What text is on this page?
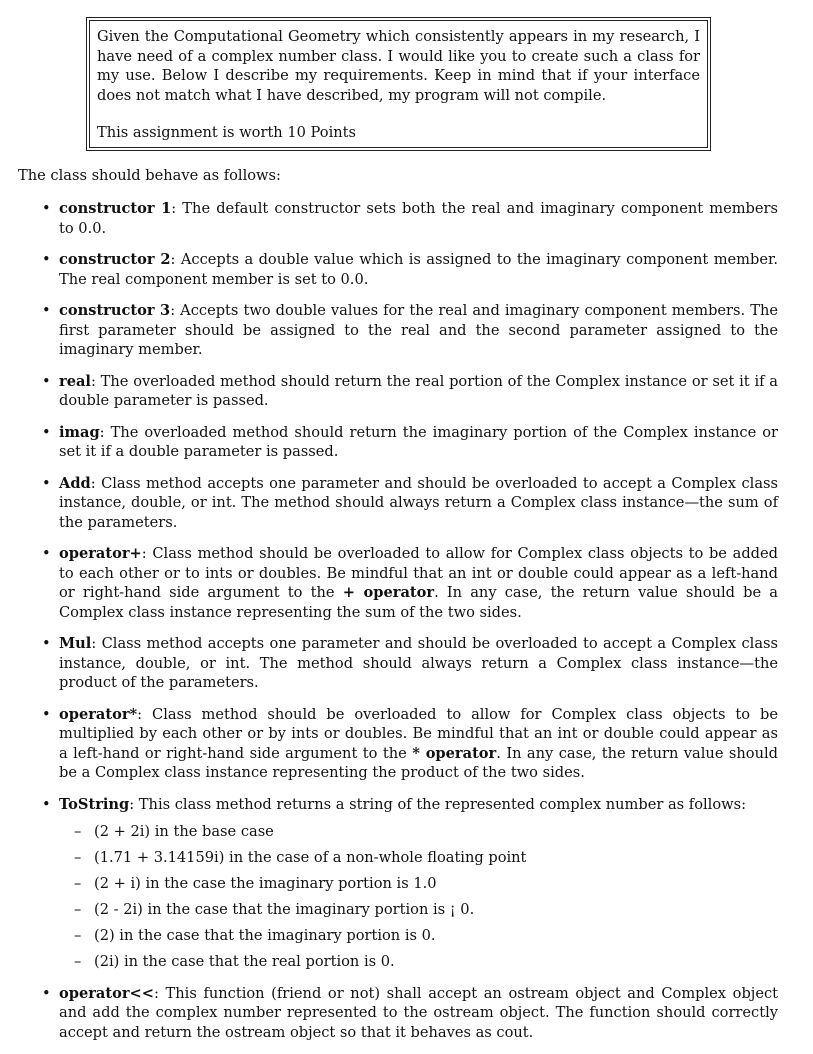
Given the Computational Geometry which consistently appears in my research, I have need of a complex number class. I would like you to create such a class for my use. Below I describe my requirements. Keep in mind that if your interface does not match what I have described, my program will not compile.

This assignment is worth 10 Points

The class should behave as follows:

• constructor 1: The default constructor sets both the real and imaginary component members to 0.0.
• constructor 2: Accepts a double value which is assigned to the imaginary component member. The real component member is set to 0.0.
• constructor 3: Accepts two double values for the real and imaginary component members. The first parameter should be assigned to the real and the second parameter assigned to the imaginary member.
• real: The overloaded method should return the real portion of the Complex instance or set it if a double parameter is passed.
• imag: The overloaded method should return the imaginary portion of the Complex instance or set it if a double parameter is passed.
• Add: Class method accepts one parameter and should be overloaded to accept a Complex class instance, double, or int. The method should always return a Complex class instance—the sum of the parameters.
• operator+: Class method should be overloaded to allow for Complex class objects to be added to each other or to ints or doubles. Be mindful that an int or double could appear as a left-hand or right-hand side argument to the + operator. In any case, the return value should be a Complex class instance representing the sum of the two sides.
• Mul: Class method accepts one parameter and should be overloaded to accept a Complex class instance, double, or int. The method should always return a Complex class instance—the product of the parameters.
• operator*: Class method should be overloaded to allow for Complex class objects to be multiplied by each other or by ints or doubles. Be mindful that an int or double could appear as a left-hand or right-hand side argument to the * operator. In any case, the return value should be a Complex class instance representing the product of the two sides.
• ToString: This class method returns a string of the represented complex number as follows:
– (2 + 2i) in the base case
– (1.71 + 3.14159i) in the case of a non-whole floating point
– (2 + i) in the case the imaginary portion is 1.0
– (2 - 2i) in the case that the imaginary portion is ¡ 0.
– (2) in the case that the imaginary portion is 0.
– (2i) in the case that the real portion is 0.
• operator<<: This function (friend or not) shall accept an ostream object and Complex object and add the complex number represented to the ostream object. The function should correctly accept and return the ostream object so that it behaves as cout.
